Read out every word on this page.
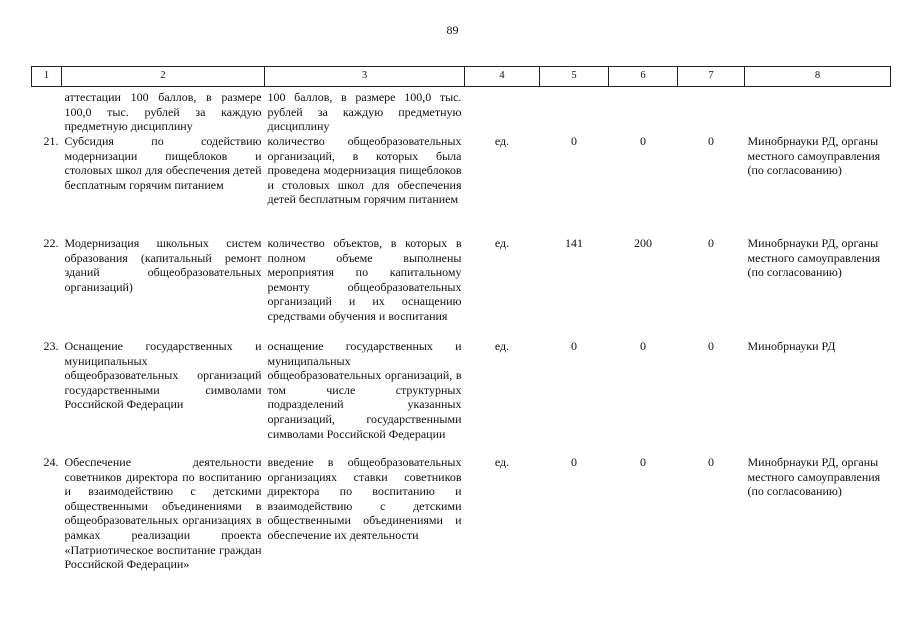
89
1	2	3	4	5	6	7	8
	аттестации 100 баллов, в размере 100,0 тыс. рублей за каждую предметную дисциплину	100 баллов, в размере 100,0 тыс. рублей за каждую предметную дисциплину					
21.	Субсидия по содействию модернизации пищеблоков и столовых школ для обеспечения детей бесплатным горячим питанием	количество общеобразовательных организаций, в которых была проведена модернизация пищеблоков и столовых школ для обеспечения детей бесплатным горячим питанием	ед.	0	0	0	Минобрнауки РД, органы местного самоуправления (по согласованию)
22.	Модернизация школьных систем образования (капитальный ремонт зданий общеобразовательных организаций)	количество объектов, в которых в полном объеме выполнены мероприятия по капитальному ремонту общеобразовательных организаций и их оснащению средствами обучения и воспитания	ед.	141	200	0	Минобрнауки РД, органы местного самоуправления (по согласованию)
23.	Оснащение государственных и муниципальных общеобразовательных организаций государственными символами Российской Федерации	оснащение государственных и муниципальных общеобразовательных организаций, в том числе структурных подразделений указанных организаций, государственными символами Российской Федерации	ед.	0	0	0	Минобрнауки РД
24.	Обеспечение деятельности советников директора по воспитанию и взаимодействию с детскими общественными объединениями в общеобразовательных организациях в рамках реализации проекта «Патриотическое воспитание граждан Российской Федерации»	введение в общеобразовательных организациях ставки советников директора по воспитанию и взаимодействию с детскими общественными объединениями и обеспечение их деятельности	ед.	0	0	0	Минобрнауки РД, органы местного самоуправления (по согласованию)
